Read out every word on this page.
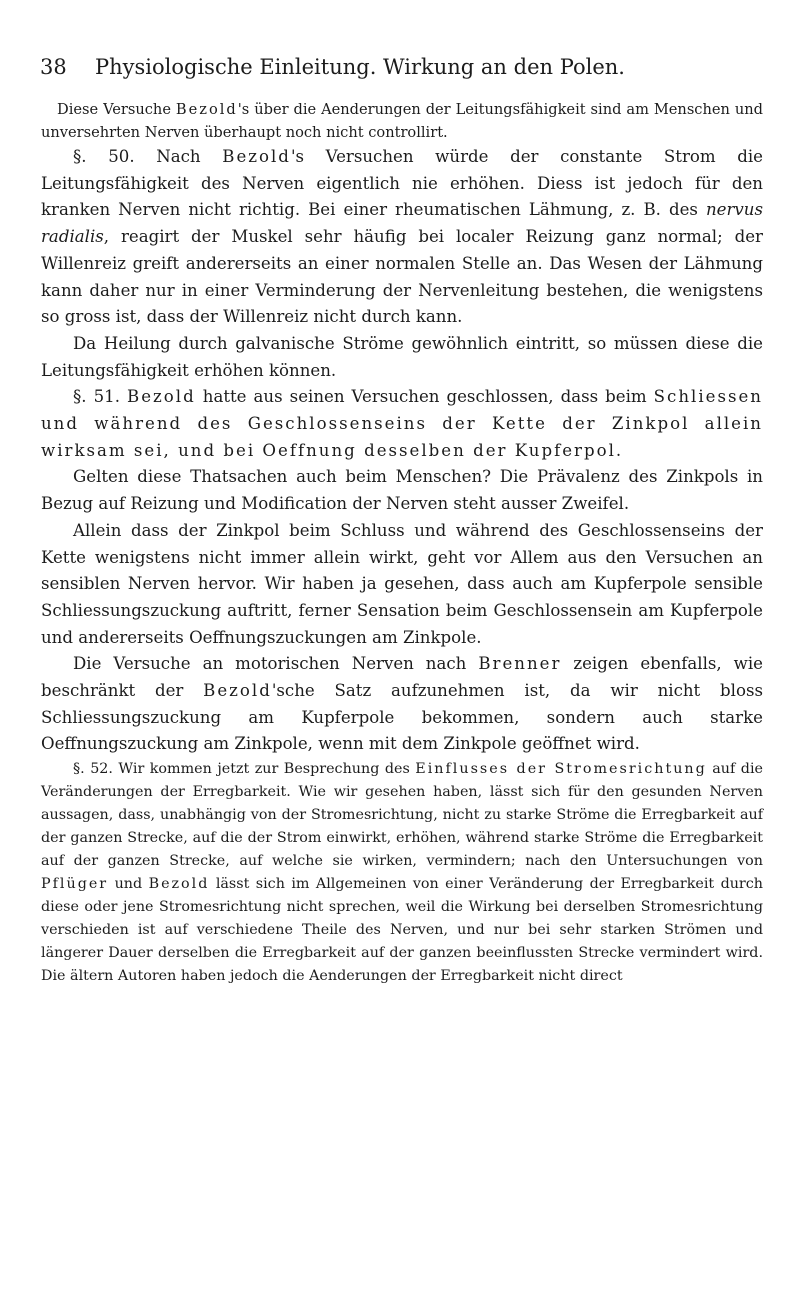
38 Physiologische Einleitung. Wirkung an den Polen.

Diese Versuche Bezold's über die Aenderungen der Leitungsfähigkeit sind am Menschen und unversehrten Nerven überhaupt noch nicht controllirt.

§. 50. Nach Bezold's Versuchen würde der constante Strom die Leitungsfähigkeit des Nerven eigentlich nie erhöhen. Diess ist jedoch für den kranken Nerven nicht richtig. Bei einer rheumatischen Lähmung, z. B. des nervus radialis, reagirt der Muskel sehr häufig bei localer Reizung ganz normal; der Willenreiz greift andererseits an einer normalen Stelle an. Das Wesen der Lähmung kann daher nur in einer Verminderung der Nervenleitung bestehen, die wenigstens so gross ist, dass der Willenreiz nicht durch kann.

Da Heilung durch galvanische Ströme gewöhnlich eintritt, so müssen diese die Leitungsfähigkeit erhöhen können.

§. 51. Bezold hatte aus seinen Versuchen geschlossen, dass beim Schliessen und während des Geschlossenseins der Kette der Zinkpol allein wirksam sei, und bei Oeffnung desselben der Kupferpol.

Gelten diese Thatsachen auch beim Menschen? Die Prävalenz des Zinkpols in Bezug auf Reizung und Modification der Nerven steht ausser Zweifel.

Allein dass der Zinkpol beim Schluss und während des Geschlossenseins der Kette wenigstens nicht immer allein wirkt, geht vor Allem aus den Versuchen an sensiblen Nerven hervor. Wir haben ja gesehen, dass auch am Kupferpole sensible Schliessungszuckung auftritt, ferner Sensation beim Geschlossensein am Kupferpole und andererseits Oeffnungszuckungen am Zinkpole.

Die Versuche an motorischen Nerven nach Brenner zeigen ebenfalls, wie beschränkt der Bezold'sche Satz aufzunehmen ist, da wir nicht bloss Schliessungszuckung am Kupferpole bekommen, sondern auch starke Oeffnungszuckung am Zinkpole, wenn mit dem Zinkpole geöffnet wird.

§. 52. Wir kommen jetzt zur Besprechung des Einflusses der Stromesrichtung auf die Veränderungen der Erregbarkeit. Wie wir gesehen haben, lässt sich für den gesunden Nerven aussagen, dass, unabhängig von der Stromesrichtung, nicht zu starke Ströme die Erregbarkeit auf der ganzen Strecke, auf die der Strom einwirkt, erhöhen, während starke Ströme die Erregbarkeit auf der ganzen Strecke, auf welche sie wirken, vermindern; nach den Untersuchungen von Pflüger und Bezold lässt sich im Allgemeinen von einer Veränderung der Erregbarkeit durch diese oder jene Stromesrichtung nicht sprechen, weil die Wirkung bei derselben Stromesrichtung verschieden ist auf verschiedene Theile des Nerven, und nur bei sehr starken Strömen und längerer Dauer derselben die Erregbarkeit auf der ganzen beeinflussten Strecke vermindert wird. Die ältern Autoren haben jedoch die Aenderungen der Erregbarkeit nicht direct
